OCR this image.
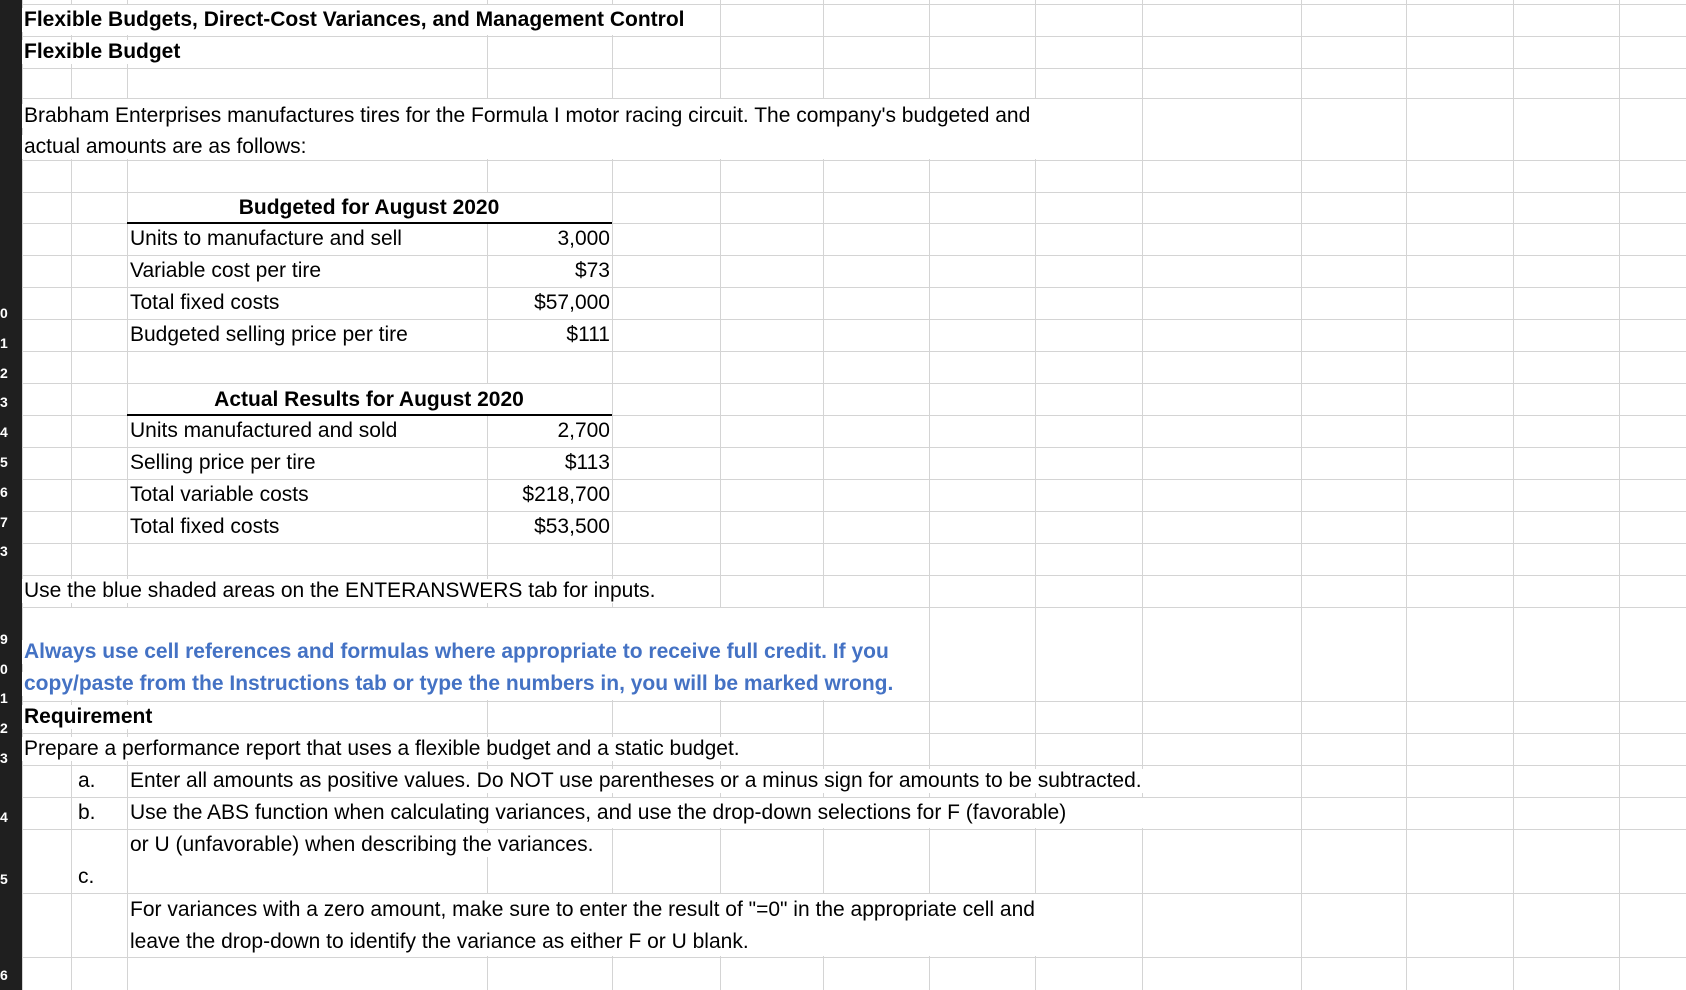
0
1
2
3
4
5
6
7
3
9
0
1
2
3
4
5
6
Flexible Budgets, Direct-Cost Variances, and Management Control
Flexible Budget
Brabham Enterprises manufactures tires for the Formula I motor racing circuit. The company's budgeted and
actual amounts are as follows:
Budgeted for August 2020
Units to manufacture and sell	3,000
Variable cost per tire	$73
Total fixed costs	$57,000
Budgeted selling price per tire	$111
Actual Results for August 2020
Units manufactured and sold	2,700
Selling price per tire	$113
Total variable costs	$218,700
Total fixed costs	$53,500
Use the blue shaded areas on the ENTERANSWERS tab for inputs.
Always use cell references and formulas where appropriate to receive full credit. If you
copy/paste from the Instructions tab or type the numbers in, you will be marked wrong.
Requirement
Prepare a performance report that uses a flexible budget and a static budget.
a. Enter all amounts as positive values. Do NOT use parentheses or a minus sign for amounts to be subtracted.
b. Use the ABS function when calculating variances, and use the drop-down selections for F (favorable)
or U (unfavorable) when describing the variances.
c.
For variances with a zero amount, make sure to enter the result of "=0" in the appropriate cell and
leave the drop-down to identify the variance as either F or U blank.
